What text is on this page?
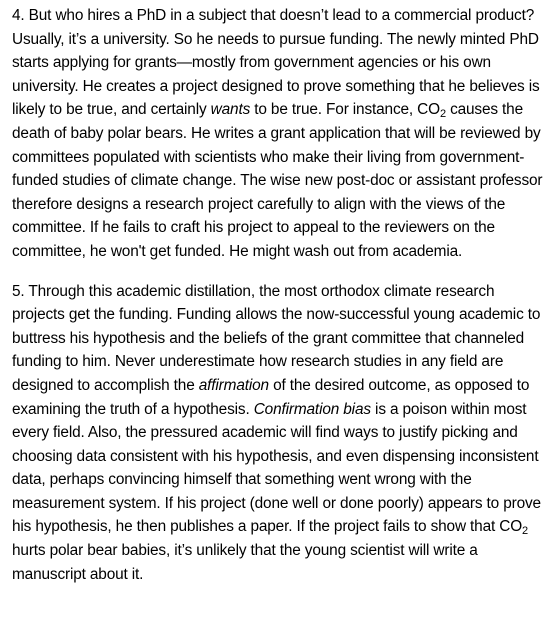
4. But who hires a PhD in a subject that doesn’t lead to a commercial product? Usually, it’s a university. So he needs to pursue funding. The newly minted PhD starts applying for grants—mostly from government agencies or his own university. He creates a project designed to prove something that he believes is likely to be true, and certainly wants to be true. For instance, CO2 causes the death of baby polar bears. He writes a grant application that will be reviewed by committees populated with scientists who make their living from government-funded studies of climate change. The wise new post-doc or assistant professor therefore designs a research project carefully to align with the views of the committee. If he fails to craft his project to appeal to the reviewers on the committee, he won't get funded. He might wash out from academia.

5. Through this academic distillation, the most orthodox climate research projects get the funding. Funding allows the now-successful young academic to buttress his hypothesis and the beliefs of the grant committee that channeled funding to him. Never underestimate how research studies in any field are designed to accomplish the affirmation of the desired outcome, as opposed to examining the truth of a hypothesis. Confirmation bias is a poison within most every field. Also, the pressured academic will find ways to justify picking and choosing data consistent with his hypothesis, and even dispensing inconsistent data, perhaps convincing himself that something went wrong with the measurement system. If his project (done well or done poorly) appears to prove his hypothesis, he then publishes a paper. If the project fails to show that CO2 hurts polar bear babies, it’s unlikely that the young scientist will write a manuscript about it.
